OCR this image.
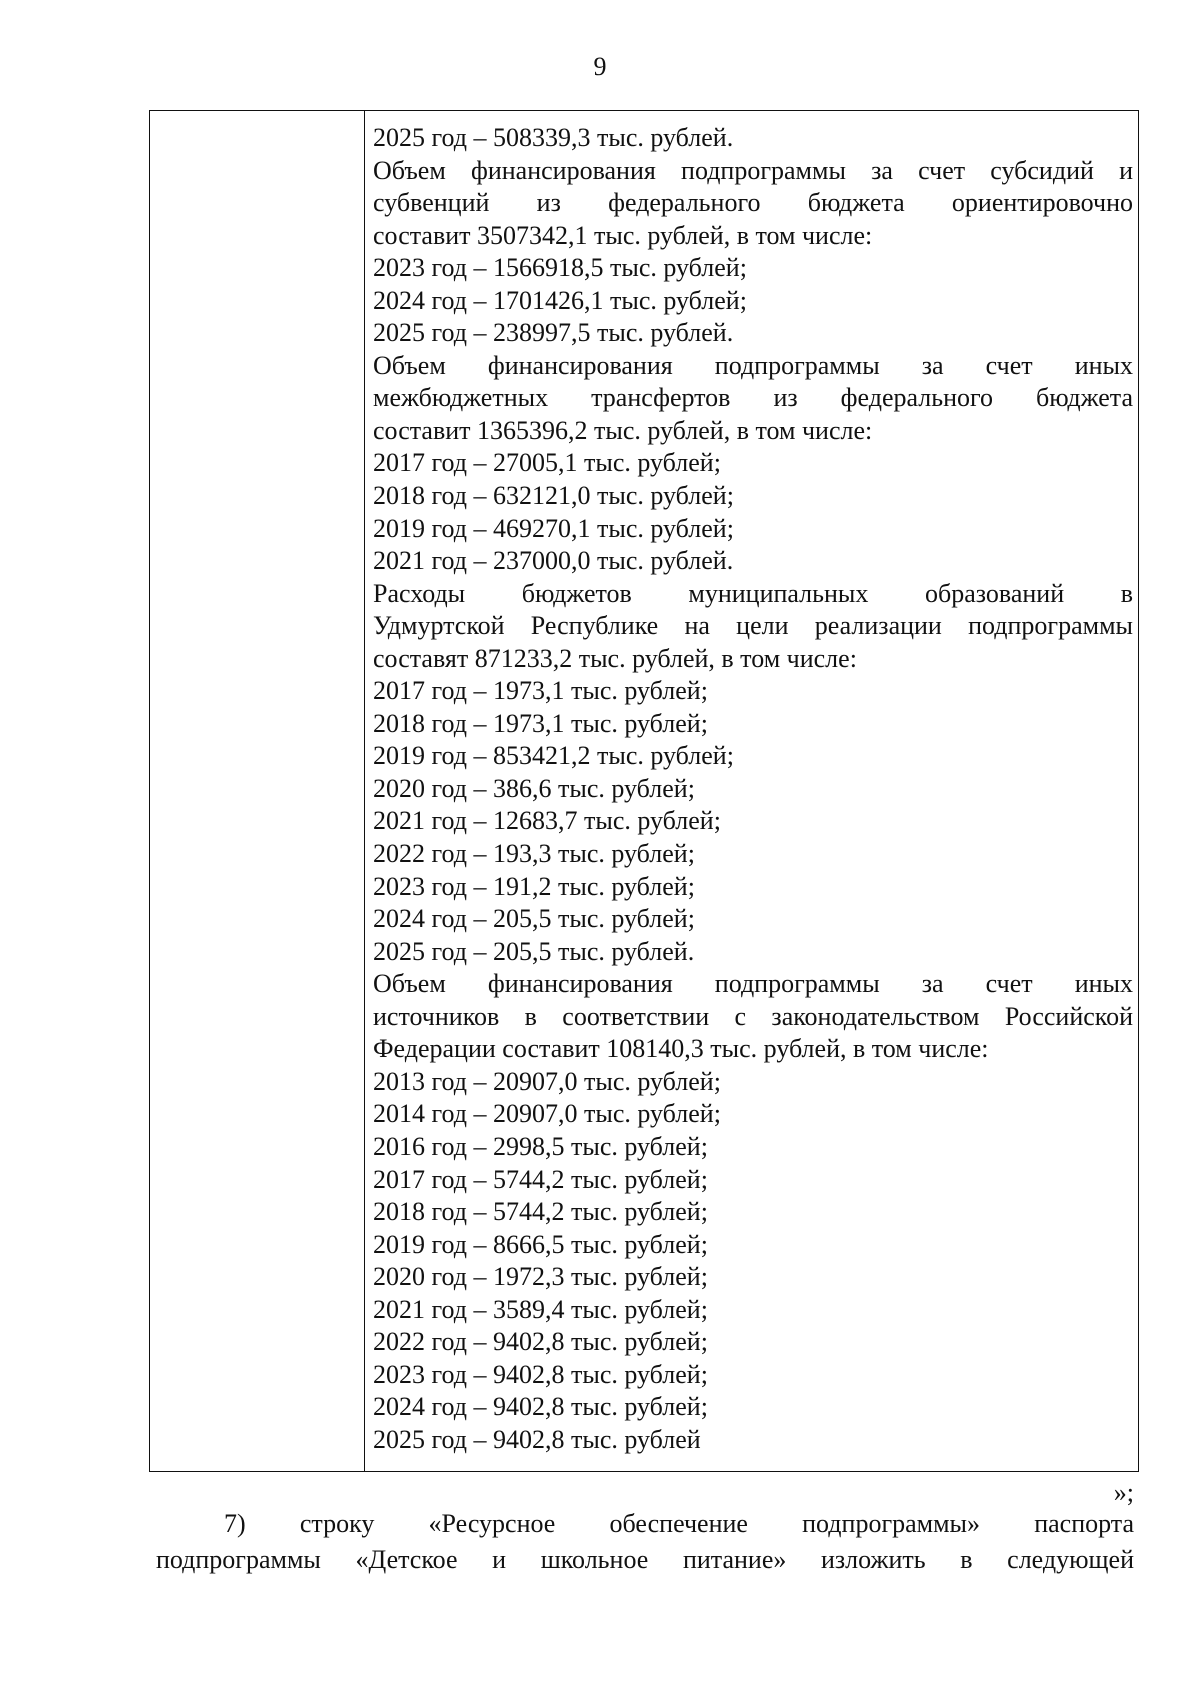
9
2025 год – 508339,3 тыс. рублей.
Объем финансирования подпрограммы за счет субсидий и
субвенций из федерального бюджета ориентировочно
составит 3507342,1 тыс. рублей, в том числе:
2023 год – 1566918,5 тыс. рублей;
2024 год – 1701426,1 тыс. рублей;
2025 год – 238997,5 тыс. рублей.
Объем финансирования подпрограммы за счет иных
межбюджетных трансфертов из федерального бюджета
составит 1365396,2 тыс. рублей, в том числе:
2017 год – 27005,1 тыс. рублей;
2018 год – 632121,0 тыс. рублей;
2019 год – 469270,1 тыс. рублей;
2021 год – 237000,0 тыс. рублей.
Расходы бюджетов муниципальных образований в
Удмуртской Республике на цели реализации подпрограммы
составят 871233,2 тыс. рублей, в том числе:
2017 год – 1973,1 тыс. рублей;
2018 год – 1973,1 тыс. рублей;
2019 год – 853421,2 тыс. рублей;
2020 год – 386,6 тыс. рублей;
2021 год – 12683,7 тыс. рублей;
2022 год – 193,3 тыс. рублей;
2023 год – 191,2 тыс. рублей;
2024 год – 205,5 тыс. рублей;
2025 год – 205,5 тыс. рублей.
Объем финансирования подпрограммы за счет иных
источников в соответствии с законодательством Российской
Федерации составит 108140,3 тыс. рублей, в том числе:
2013 год – 20907,0 тыс. рублей;
2014 год – 20907,0 тыс. рублей;
2016 год – 2998,5 тыс. рублей;
2017 год – 5744,2 тыс. рублей;
2018 год – 5744,2 тыс. рублей;
2019 год – 8666,5 тыс. рублей;
2020 год – 1972,3 тыс. рублей;
2021 год – 3589,4 тыс. рублей;
2022 год – 9402,8 тыс. рублей;
2023 год – 9402,8 тыс. рублей;
2024 год – 9402,8 тыс. рублей;
2025 год – 9402,8 тыс. рублей
»;
7) строку «Ресурсное обеспечение подпрограммы» паспорта
подпрограммы «Детское и школьное питание» изложить в следующей
